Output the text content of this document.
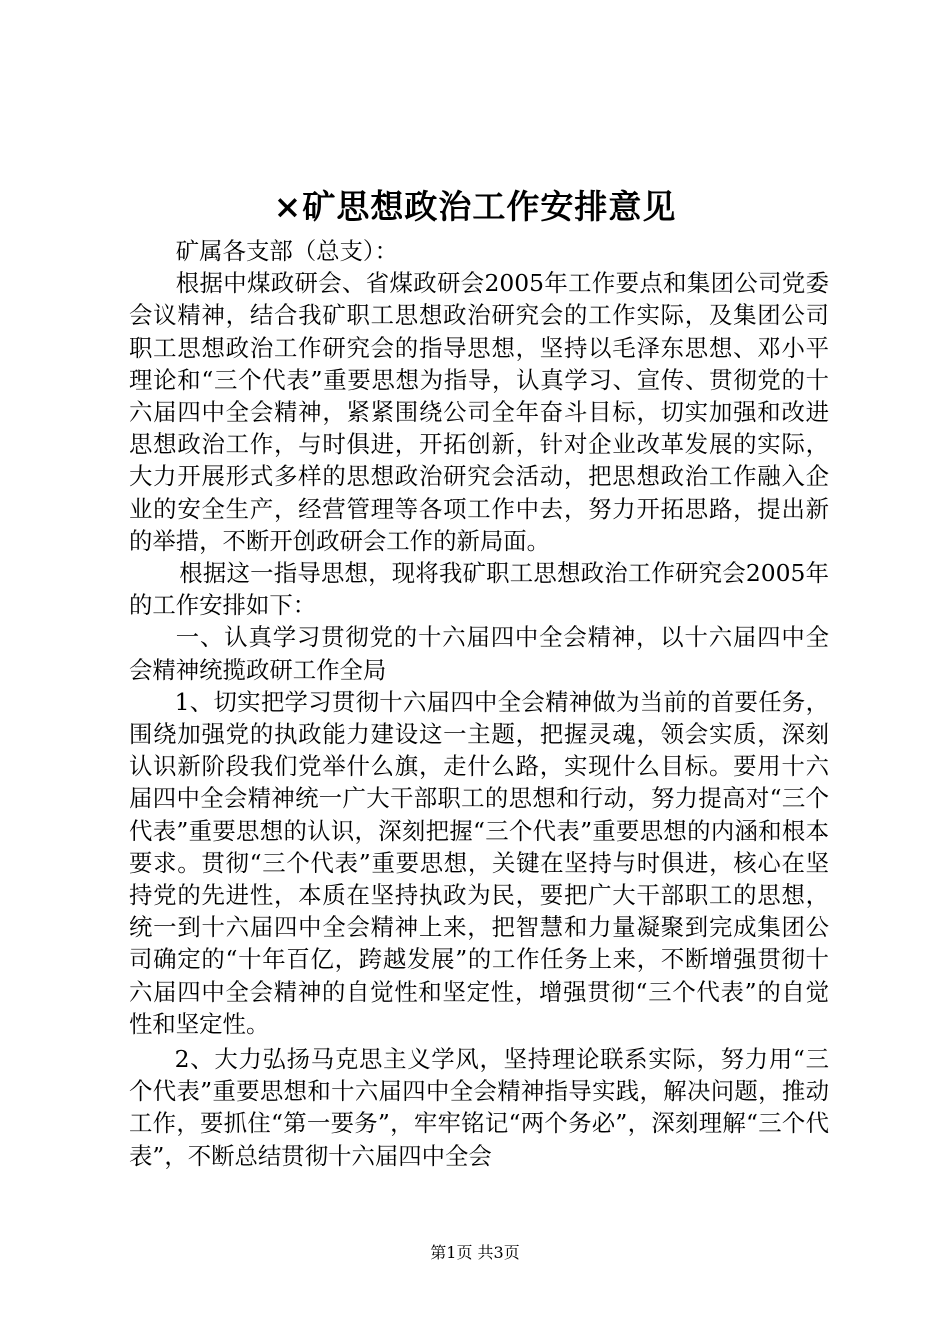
×矿思想政治工作安排意见

矿属各支部（总支）：

根据中煤政研会、省煤政研会2005年工作要点和集团公司党委会议精神，结合我矿职工思想政治研究会的工作实际，及集团公司职工思想政治工作研究会的指导思想，坚持以毛泽东思想、邓小平理论和“三个代表”重要思想为指导，认真学习、宣传、贯彻党的十六届四中全会精神，紧紧围绕公司全年奋斗目标，切实加强和改进思想政治工作，与时俱进，开拓创新，针对企业改革发展的实际，大力开展形式多样的思想政治研究会活动，把思想政治工作融入企业的安全生产，经营管理等各项工作中去，努力开拓思路，提出新的举措，不断开创政研会工作的新局面。

根据这一指导思想，现将我矿职工思想政治工作研究会2005年的工作安排如下：

一、认真学习贯彻党的十六届四中全会精神，以十六届四中全会精神统揽政研工作全局

1、切实把学习贯彻十六届四中全会精神做为当前的首要任务，围绕加强党的执政能力建设这一主题，把握灵魂，领会实质，深刻认识新阶段我们党举什么旗，走什么路，实现什么目标。要用十六届四中全会精神统一广大干部职工的思想和行动，努力提高对“三个代表”重要思想的认识，深刻把握“三个代表”重要思想的内涵和根本要求。贯彻“三个代表”重要思想，关键在坚持与时俱进，核心在坚持党的先进性，本质在坚持执政为民，要把广大干部职工的思想，统一到十六届四中全会精神上来，把智慧和力量凝聚到完成集团公司确定的“十年百亿，跨越发展”的工作任务上来，不断增强贯彻十六届四中全会精神的自觉性和坚定性，增强贯彻“三个代表”的自觉性和坚定性。

2、大力弘扬马克思主义学风，坚持理论联系实际，努力用“三个代表”重要思想和十六届四中全会精神指导实践，解决问题，推动工作，要抓住“第一要务”，牢牢铭记“两个务必”，深刻理解“三个代表”，不断总结贯彻十六届四中全会

第1页 共3页
